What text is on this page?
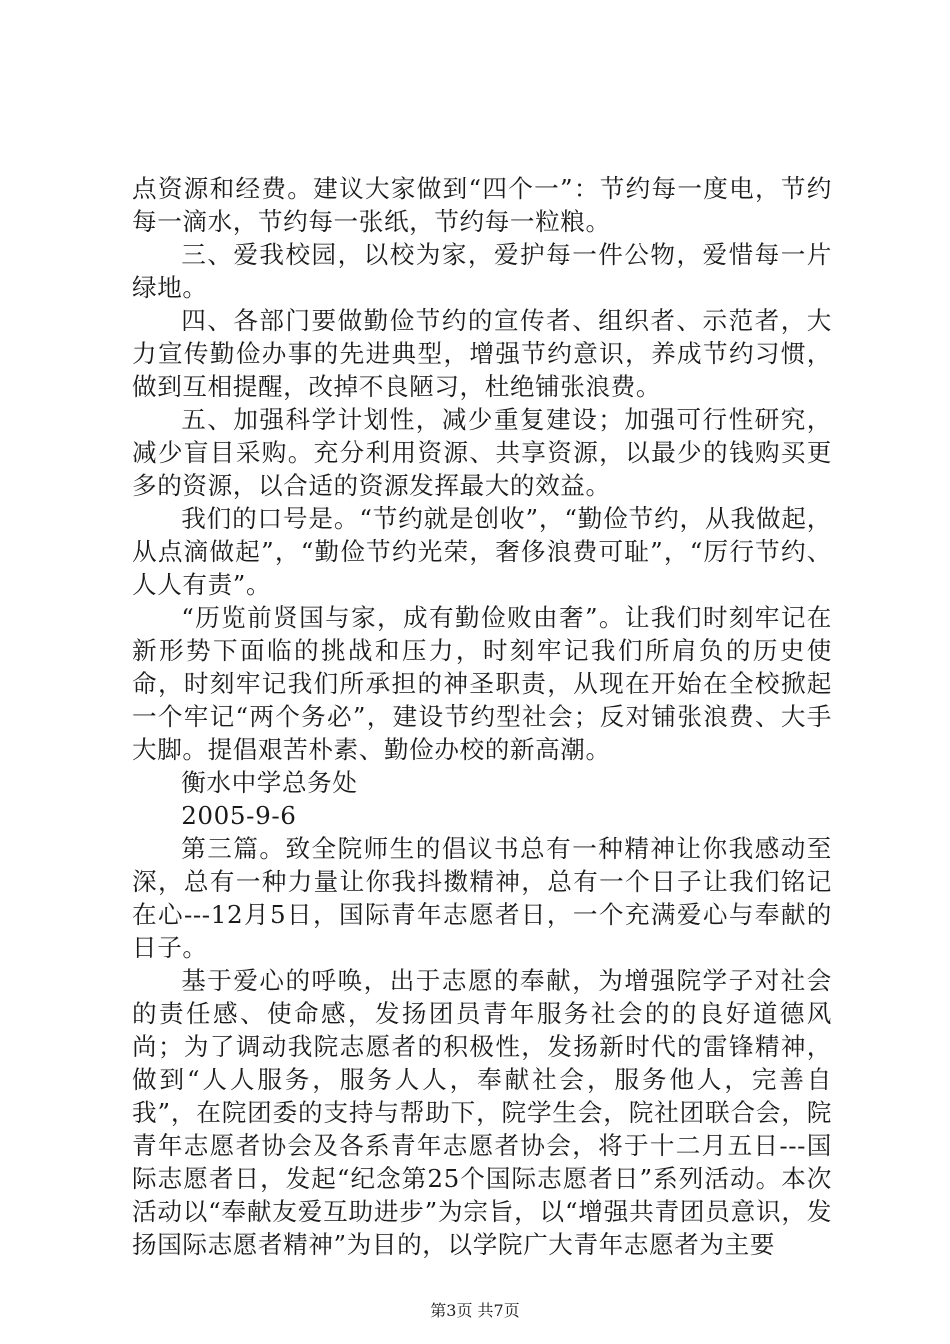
点资源和经费。建议大家做到“四个一”：节约每一度电，节约每一滴水，节约每一张纸，节约每一粒粮。

三、爱我校园，以校为家，爱护每一件公物，爱惜每一片绿地。

四、各部门要做勤俭节约的宣传者、组织者、示范者，大力宣传勤俭办事的先进典型，增强节约意识，养成节约习惯，做到互相提醒，改掉不良陋习，杜绝铺张浪费。

五、加强科学计划性，减少重复建设；加强可行性研究，减少盲目采购。充分利用资源、共享资源，以最少的钱购买更多的资源，以合适的资源发挥最大的效益。

我们的口号是。“节约就是创收”，“勤俭节约，从我做起，从点滴做起”，“勤俭节约光荣，奢侈浪费可耻”，“厉行节约、人人有责”。

“历览前贤国与家，成有勤俭败由奢”。让我们时刻牢记在新形势下面临的挑战和压力，时刻牢记我们所肩负的历史使命，时刻牢记我们所承担的神圣职责，从现在开始在全校掀起一个牢记“两个务必”，建设节约型社会；反对铺张浪费、大手大脚。提倡艰苦朴素、勤俭办校的新高潮。

衡水中学总务处

2005-9-6

第三篇。致全院师生的倡议书总有一种精神让你我感动至深，总有一种力量让你我抖擞精神，总有一个日子让我们铭记在心---12月5日，国际青年志愿者日，一个充满爱心与奉献的日子。

基于爱心的呼唤，出于志愿的奉献，为增强院学子对社会的责任感、使命感，发扬团员青年服务社会的的良好道德风尚；为了调动我院志愿者的积极性，发扬新时代的雷锋精神，做到“人人服务，服务人人，奉献社会，服务他人，完善自我”，在院团委的支持与帮助下，院学生会，院社团联合会，院青年志愿者协会及各系青年志愿者协会，将于十二月五日---国际志愿者日，发起“纪念第25个国际志愿者日”系列活动。本次活动以“奉献友爱互助进步”为宗旨，以“增强共青团员意识，发扬国际志愿者精神”为目的，以学院广大青年志愿者为主要

第3页 共7页
